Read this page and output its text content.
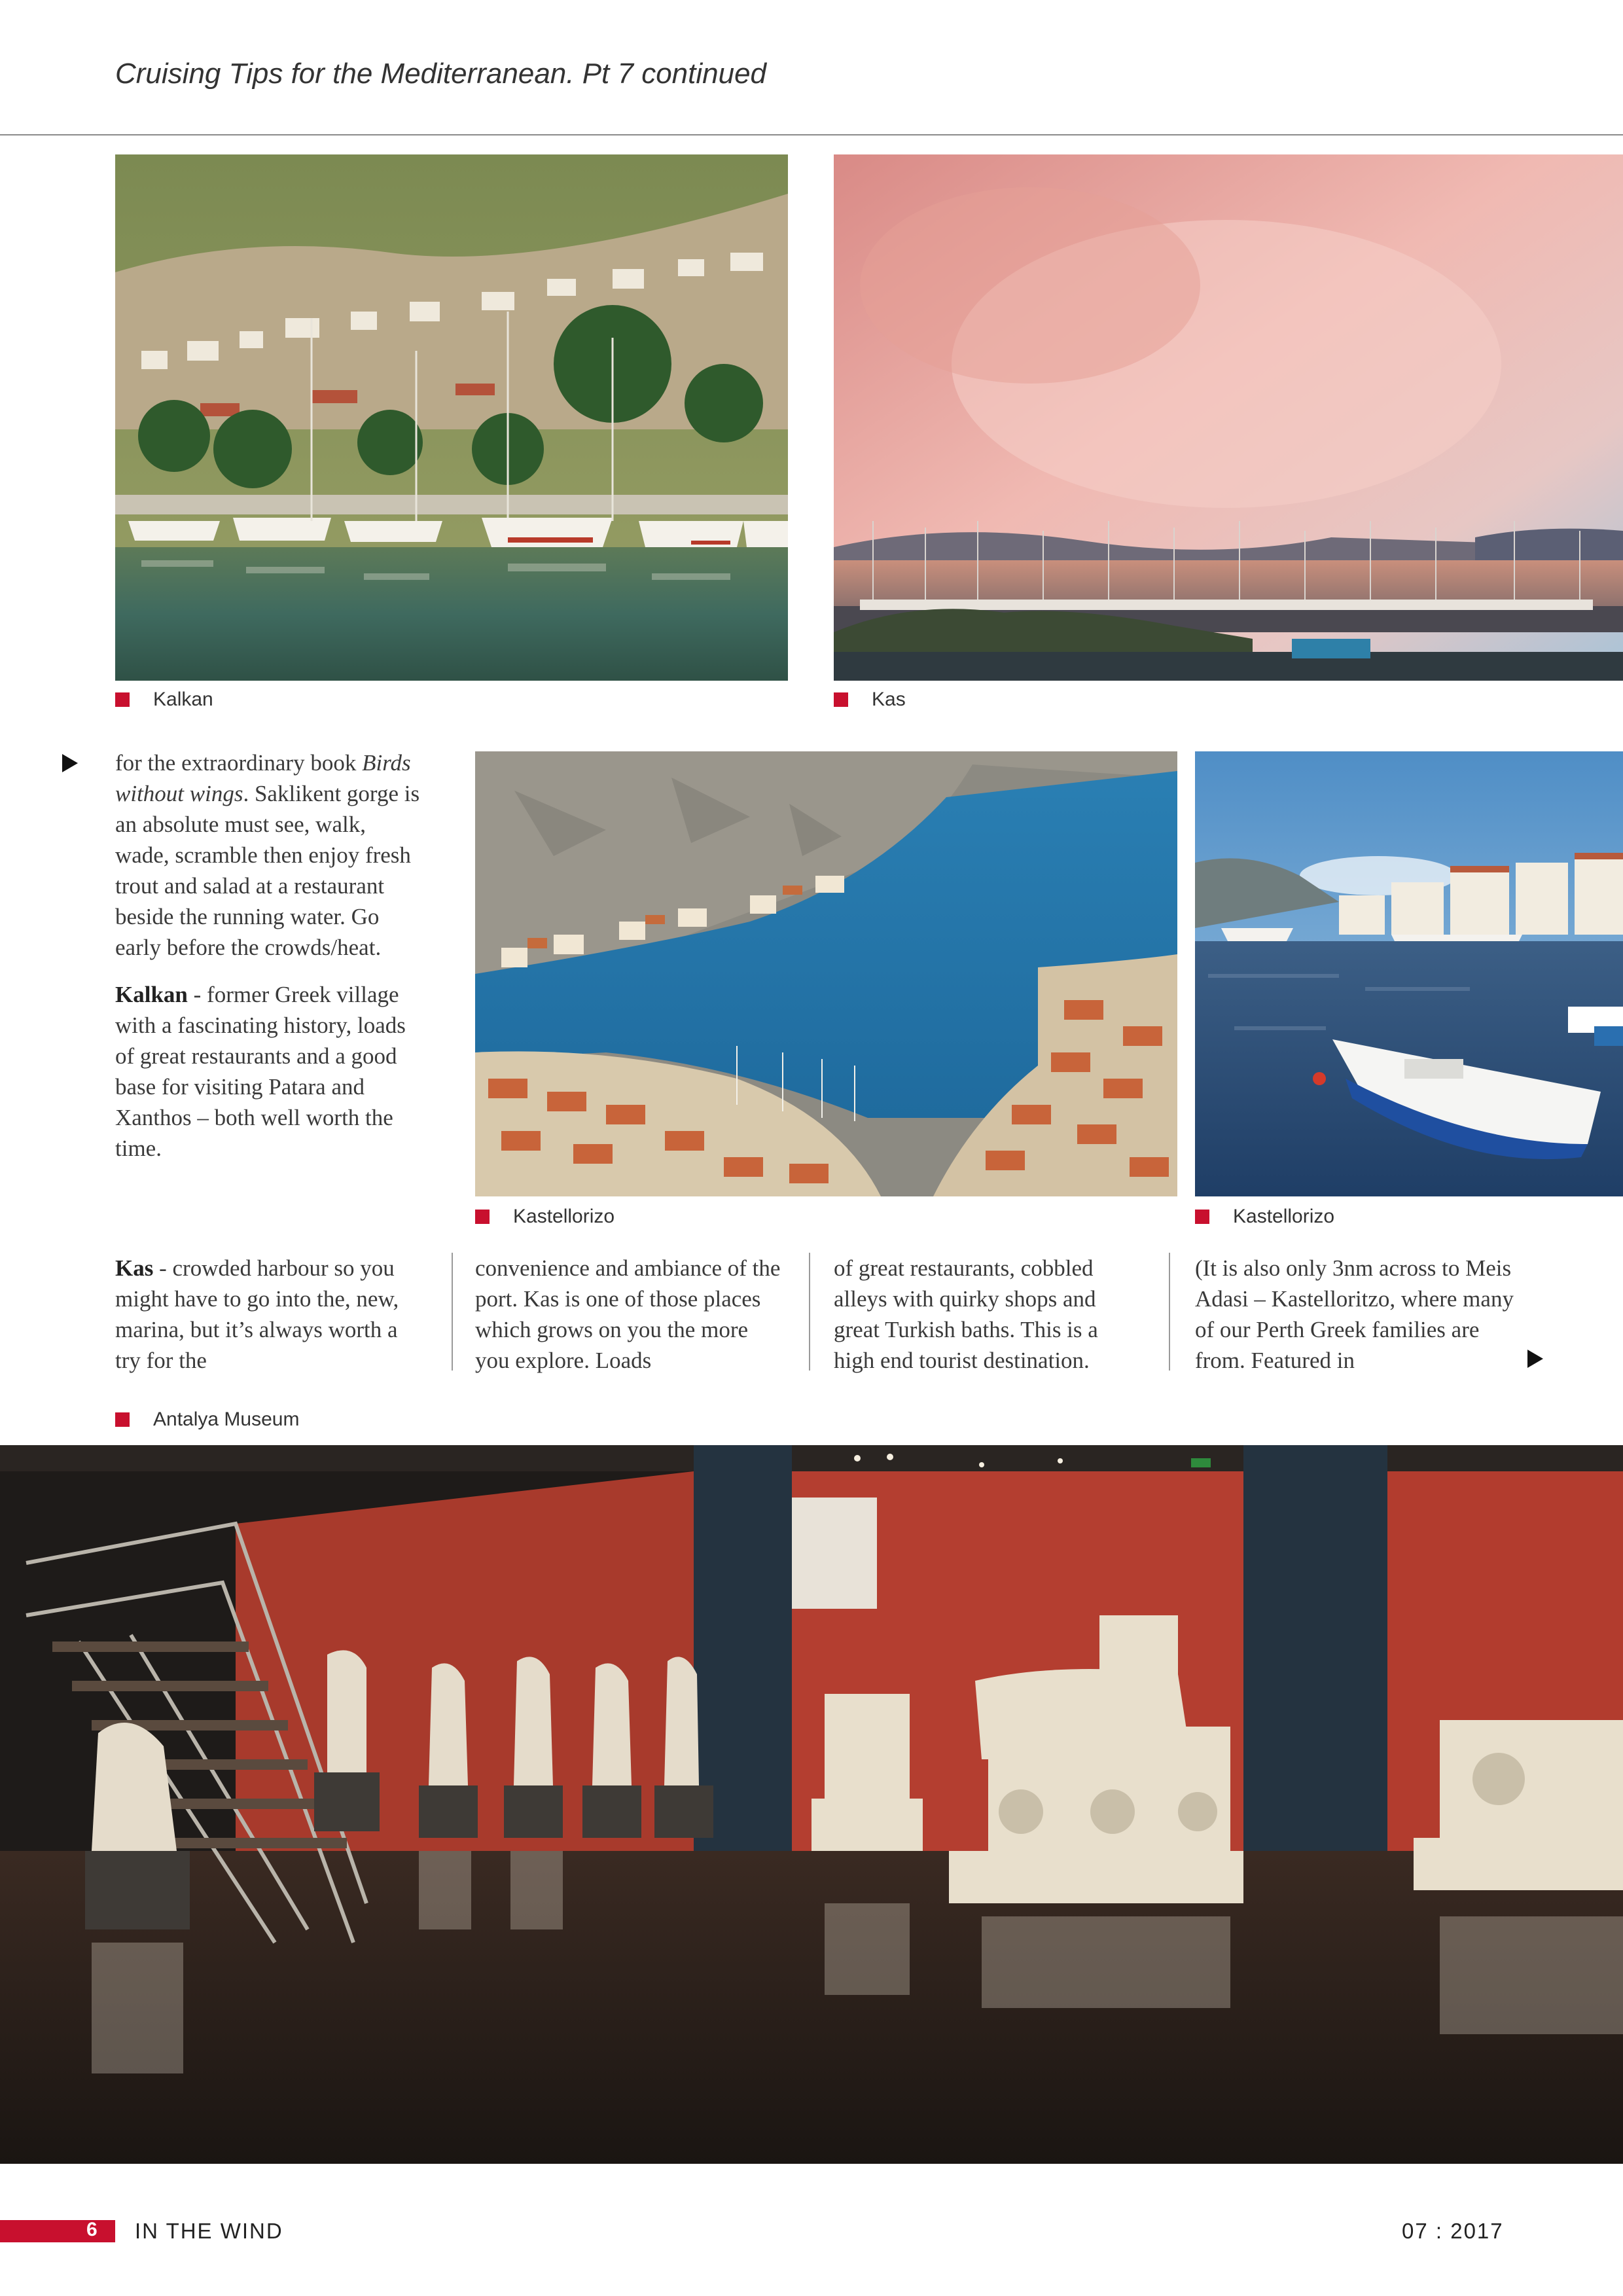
Cruising Tips for the Mediterranean. Pt 7 continued
Kalkan	Kas

for the extraordinary book Birds without wings. Saklikent gorge is an absolute must see, walk, wade, scramble then enjoy fresh trout and salad at a restaurant beside the running water. Go early before the crowds/heat.

Kalkan - former Greek village with a fascinating history, loads of great restaurants and a good base for visiting Patara and Xanthos – both well worth the time.

Kastellorizo	Kastellorizo

Kas - crowded harbour so you might have to go into the, new, marina, but it’s always worth a try for the

convenience and ambiance of the port. Kas is one of those places which grows on you the more you explore. Loads

of great restaurants, cobbled alleys with quirky shops and great Turkish baths. This is a high end tourist destination.

(It is also only 3nm across to Meis Adasi – Kastelloritzo, where many of our Perth Greek families are from. Featured in

Antalya Museum
6 IN THE WIND	07 : 2017
